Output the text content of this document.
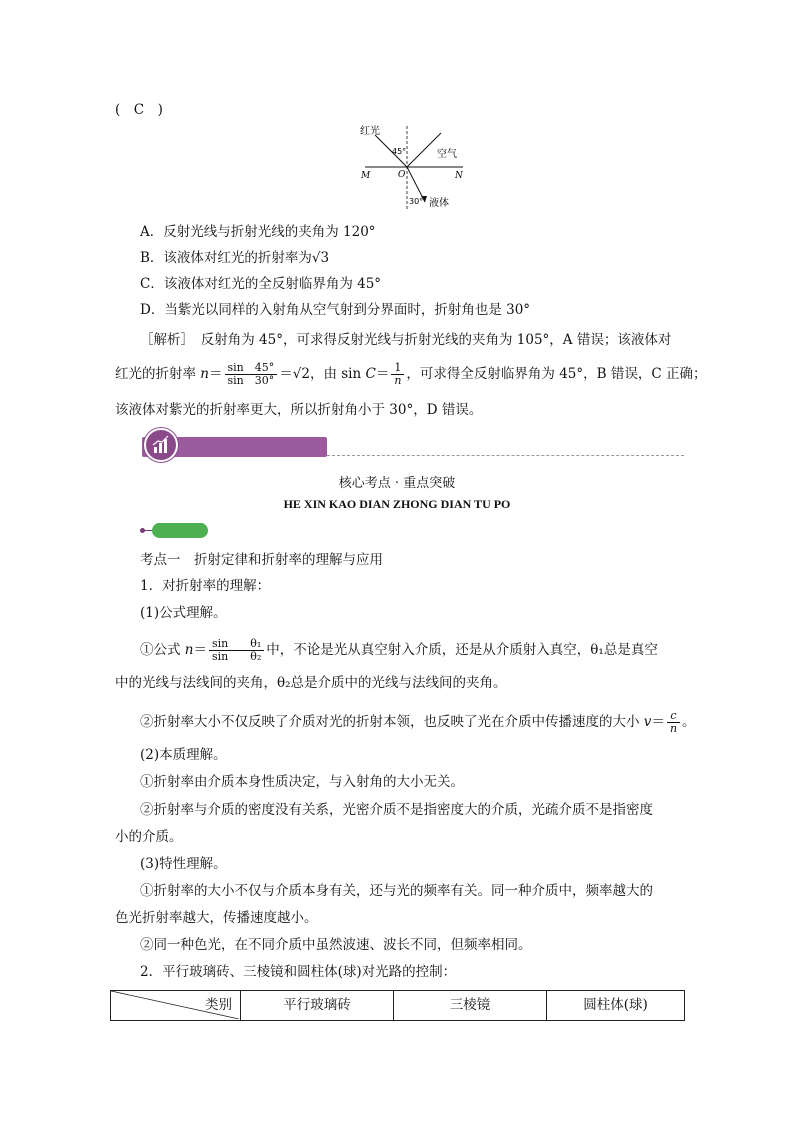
(　C　)
红光
空气
液体
M	N
O
45°
30°
A．反射光线与折射光线的夹角为 120°
B．该液体对红光的折射率为√3
C．该液体对红光的全反射临界角为 45°
D．当紫光以同样的入射角从空气射到分界面时，折射角也是 30°
［解析］　反射角为 45°，可求得反射光线与折射光线的夹角为 105°，A 错误；该液体对
红光的折射率 $n= \frac{\sin 45^\circ}{\sin 30^\circ} =√2$，由 $\sin C= \frac{1}{n}$ ，可求得全反射临界角为 45°，B 错误，C 正确；
该液体对紫光的折射率更大，所以折射角小于 30°，D 错误。
核心考点 · 重点突破
HE XIN KAO DIAN ZHONG DIAN TU PO
考点一　折射定律和折射率的理解与应用
1．对折射率的理解：
(1)公式理解。
①公式 $n= \frac{\text{sin　　θ₁}}{\text{sin　　θ₂}}$ 中，不论是光从真空射入介质，还是从介质射入真空，θ₁总是真空
中的光线与法线间的夹角，θ₂总是介质中的光线与法线间的夹角。
②折射率大小不仅反映了介质对光的折射本领，也反映了光在介质中传播速度的大小 $v= \frac{c}{n}$ 。
(2)本质理解。
①折射率由介质本身性质决定，与入射角的大小无关。
②折射率与介质的密度没有关系，光密介质不是指密度大的介质，光疏介质不是指密度
小的介质。
(3)特性理解。
①折射率的大小不仅与介质本身有关，还与光的频率有关。同一种介质中，频率越大的
色光折射率越大，传播速度越小。
②同一种色光，在不同介质中虽然波速、波长不同，但频率相同。
2．平行玻璃砖、三棱镜和圆柱体(球)对光路的控制：
类别	平行玻璃砖	三棱镜	圆柱体(球)
